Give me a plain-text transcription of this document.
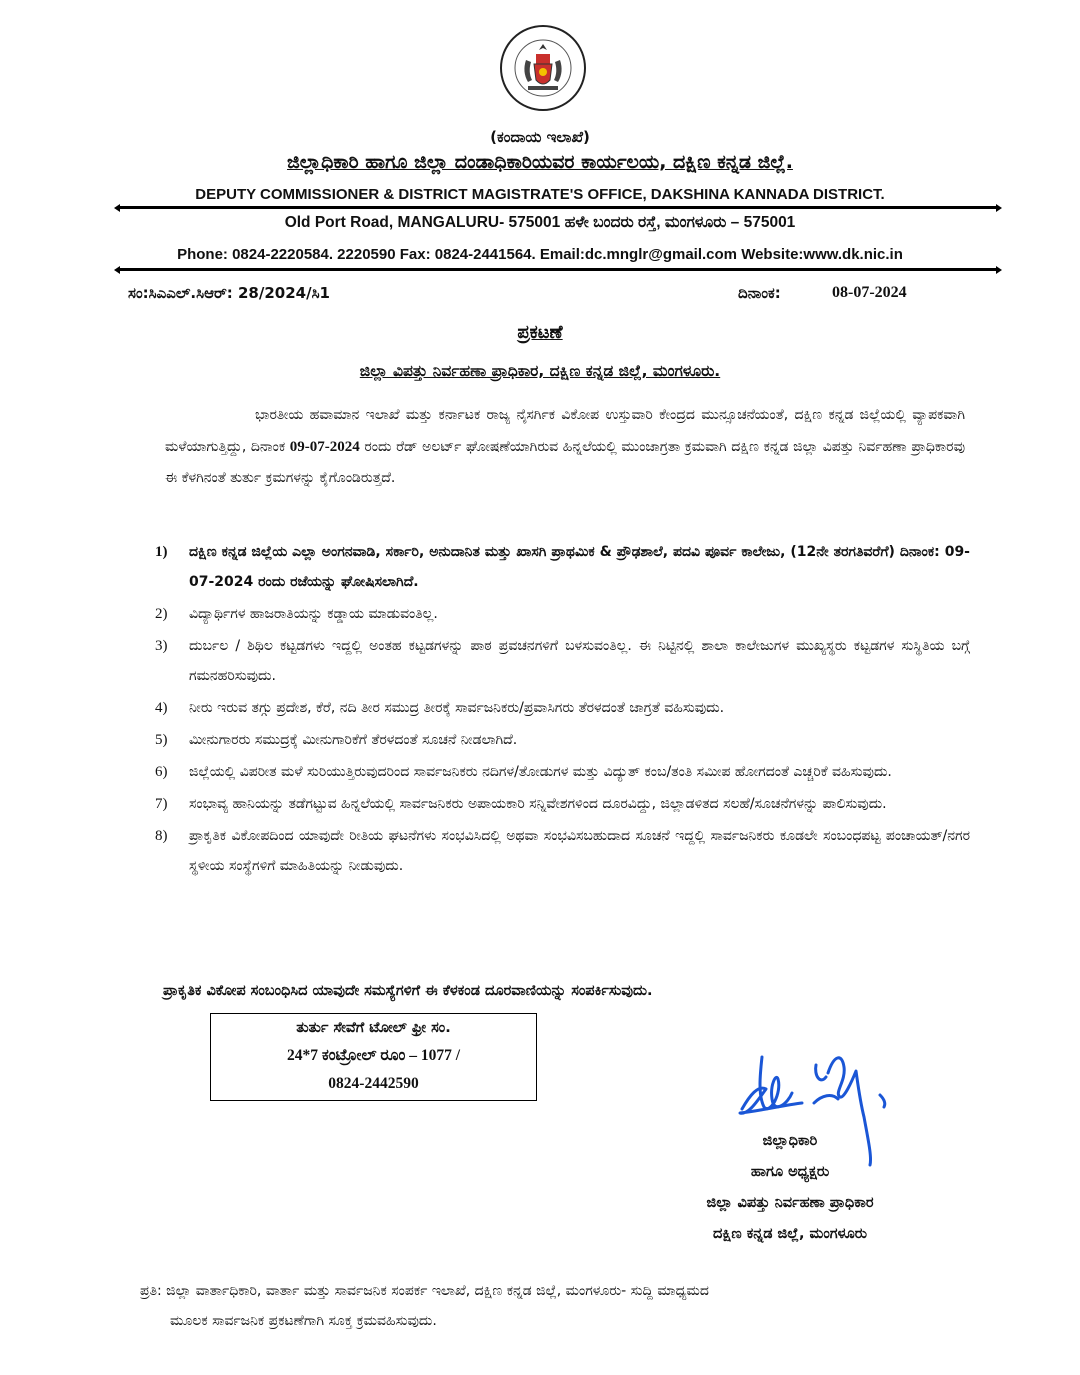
(ಕಂದಾಯ ಇಲಾಖೆ)
ಜಿಲ್ಲಾಧಿಕಾರಿ ಹಾಗೂ ಜಿಲ್ಲಾ ದಂಡಾಧಿಕಾರಿಯವರ ಕಾರ್ಯಲಯ, ದಕ್ಷಿಣ ಕನ್ನಡ ಜಿಲ್ಲೆ.
DEPUTY COMMISSIONER & DISTRICT MAGISTRATE'S OFFICE, DAKSHINA KANNADA DISTRICT.
Old Port Road, MANGALURU- 575001 ಹಳೇ ಬಂದರು ರಸ್ತೆ, ಮಂಗಳೂರು – 575001
Phone: 0824-2220584. 2220590 Fax: 0824-2441564. Email:dc.mnglr@gmail.com Website:www.dk.nic.in
ಸಂ:ಸಿಎಎಲ್.ಸಿಆರ್: 28/2024/ಸಿ1	ದಿನಾಂಕ:	08-07-2024
ಪ್ರಕಟಣೆ
ಜಿಲ್ಲಾ ವಿಪತ್ತು ನಿರ್ವಹಣಾ ಪ್ರಾಧಿಕಾರ, ದಕ್ಷಿಣ ಕನ್ನಡ ಜಿಲ್ಲೆ, ಮಂಗಳೂರು.
ಭಾರತೀಯ ಹವಾಮಾನ ಇಲಾಖೆ ಮತ್ತು ಕರ್ನಾಟಕ ರಾಜ್ಯ ನೈಸರ್ಗಿಕ ವಿಕೋಪ ಉಸ್ತುವಾರಿ ಕೇಂದ್ರದ ಮುನ್ಸೂಚನೆಯಂತೆ, ದಕ್ಷಿಣ ಕನ್ನಡ ಜಿಲ್ಲೆಯಲ್ಲಿ ವ್ಯಾಪಕವಾಗಿ ಮಳೆಯಾಗುತ್ತಿದ್ದು, ದಿನಾಂಕ 09-07-2024 ರಂದು ರೆಡ್ ಅಲರ್ಟ್ ಘೋಷಣೆಯಾಗಿರುವ ಹಿನ್ನಲೆಯಲ್ಲಿ ಮುಂಜಾಗ್ರತಾ ಕ್ರಮವಾಗಿ ದಕ್ಷಿಣ ಕನ್ನಡ ಜಿಲ್ಲಾ ವಿಪತ್ತು ನಿರ್ವಹಣಾ ಪ್ರಾಧಿಕಾರವು ಈ ಕೆಳಗಿನಂತೆ ತುರ್ತು ಕ್ರಮಗಳನ್ನು ಕೈಗೊಂಡಿರುತ್ತದೆ.
1) ದಕ್ಷಿಣ ಕನ್ನಡ ಜಿಲ್ಲೆಯ ಎಲ್ಲಾ ಅಂಗನವಾಡಿ, ಸರ್ಕಾರಿ, ಅನುದಾನಿತ ಮತ್ತು ಖಾಸಗಿ ಪ್ರಾಥಮಿಕ & ಪ್ರೌಢಶಾಲೆ, ಪದವಿ ಪೂರ್ವ ಕಾಲೇಜು, (12ನೇ ತರಗತಿವರೆಗೆ) ದಿನಾಂಕ: 09-07-2024 ರಂದು ರಜೆಯನ್ನು ಘೋಷಿಸಲಾಗಿದೆ.
2) ವಿದ್ಯಾರ್ಥಿಗಳ ಹಾಜರಾತಿಯನ್ನು ಕಡ್ಡಾಯ ಮಾಡುವಂತಿಲ್ಲ.
3) ದುರ್ಬಲ / ಶಿಥಿಲ ಕಟ್ಟಡಗಳು ಇದ್ದಲ್ಲಿ ಅಂತಹ ಕಟ್ಟಡಗಳನ್ನು ಪಾಠ ಪ್ರವಚನಗಳಿಗೆ ಬಳಸುವಂತಿಲ್ಲ. ಈ ನಿಟ್ಟಿನಲ್ಲಿ ಶಾಲಾ ಕಾಲೇಜುಗಳ ಮುಖ್ಯಸ್ಥರು ಕಟ್ಟಡಗಳ ಸುಸ್ಥಿತಿಯ ಬಗ್ಗೆ ಗಮನಹರಿಸುವುದು.
4) ನೀರು ಇರುವ ತಗ್ಗು ಪ್ರದೇಶ, ಕೆರೆ, ನದಿ ತೀರ ಸಮುದ್ರ ತೀರಕ್ಕೆ ಸಾರ್ವಜನಿಕರು/ಪ್ರವಾಸಿಗರು ತೆರಳದಂತೆ ಜಾಗ್ರತೆ ವಹಿಸುವುದು.
5) ಮೀನುಗಾರರು ಸಮುದ್ರಕ್ಕೆ ಮೀನುಗಾರಿಕೆಗೆ ತೆರಳದಂತೆ ಸೂಚನೆ ನೀಡಲಾಗಿದೆ.
6) ಜಿಲ್ಲೆಯಲ್ಲಿ ವಿಪರೀತ ಮಳೆ ಸುರಿಯುತ್ತಿರುವುದರಿಂದ ಸಾರ್ವಜನಿಕರು ನದಿಗಳ/ತೋಡುಗಳ ಮತ್ತು ವಿದ್ಯುತ್ ಕಂಬ/ತಂತಿ ಸಮೀಪ ಹೋಗದಂತೆ ಎಚ್ಚರಿಕೆ ವಹಿಸುವುದು.
7) ಸಂಭಾವ್ಯ ಹಾನಿಯನ್ನು ತಡೆಗಟ್ಟುವ ಹಿನ್ನಲೆಯಲ್ಲಿ ಸಾರ್ವಜನಿಕರು ಅಪಾಯಕಾರಿ ಸನ್ನಿವೇಶಗಳಿಂದ ದೂರವಿದ್ದು, ಜಿಲ್ಲಾಡಳಿತದ ಸಲಹೆ/ಸೂಚನೆಗಳನ್ನು ಪಾಲಿಸುವುದು.
8) ಪ್ರಾಕೃತಿಕ ವಿಕೋಪದಿಂದ ಯಾವುದೇ ರೀತಿಯ ಘಟನೆಗಳು ಸಂಭವಿಸಿದಲ್ಲಿ ಅಥವಾ ಸಂಭವಿಸಬಹುದಾದ ಸೂಚನೆ ಇದ್ದಲ್ಲಿ ಸಾರ್ವಜನಿಕರು ಕೂಡಲೇ ಸಂಬಂಧಪಟ್ಟ ಪಂಚಾಯತ್/ನಗರ ಸ್ಥಳೀಯ ಸಂಸ್ಥೆಗಳಿಗೆ ಮಾಹಿತಿಯನ್ನು ನೀಡುವುದು.
ಪ್ರಾಕೃತಿಕ ವಿಕೋಪ ಸಂಬಂಧಿಸಿದ ಯಾವುದೇ ಸಮಸ್ಯೆಗಳಿಗೆ ಈ ಕೆಳಕಂಡ ದೂರವಾಣಿಯನ್ನು ಸಂಪರ್ಕಿಸುವುದು.
ತುರ್ತು ಸೇವೆಗೆ ಟೋಲ್ ಫ್ರೀ ಸಂ.
24*7 ಕಂಟ್ರೋಲ್ ರೂಂ – 1077 /
0824-2442590
ಜಿಲ್ಲಾಧಿಕಾರಿ
ಹಾಗೂ ಅಧ್ಯಕ್ಷರು
ಜಿಲ್ಲಾ ವಿಪತ್ತು ನಿರ್ವಹಣಾ ಪ್ರಾಧಿಕಾರ
ದಕ್ಷಿಣ ಕನ್ನಡ ಜಿಲ್ಲೆ, ಮಂಗಳೂರು
ಪ್ರತಿ: ಜಿಲ್ಲಾ ವಾರ್ತಾಧಿಕಾರಿ, ವಾರ್ತಾ ಮತ್ತು ಸಾರ್ವಜನಿಕ ಸಂಪರ್ಕ ಇಲಾಖೆ, ದಕ್ಷಿಣ ಕನ್ನಡ ಜಿಲ್ಲೆ, ಮಂಗಳೂರು- ಸುದ್ದಿ ಮಾಧ್ಯಮದ
ಮೂಲಕ ಸಾರ್ವಜನಿಕ ಪ್ರಕಟಣೆಗಾಗಿ ಸೂಕ್ತ ಕ್ರಮವಹಿಸುವುದು.
